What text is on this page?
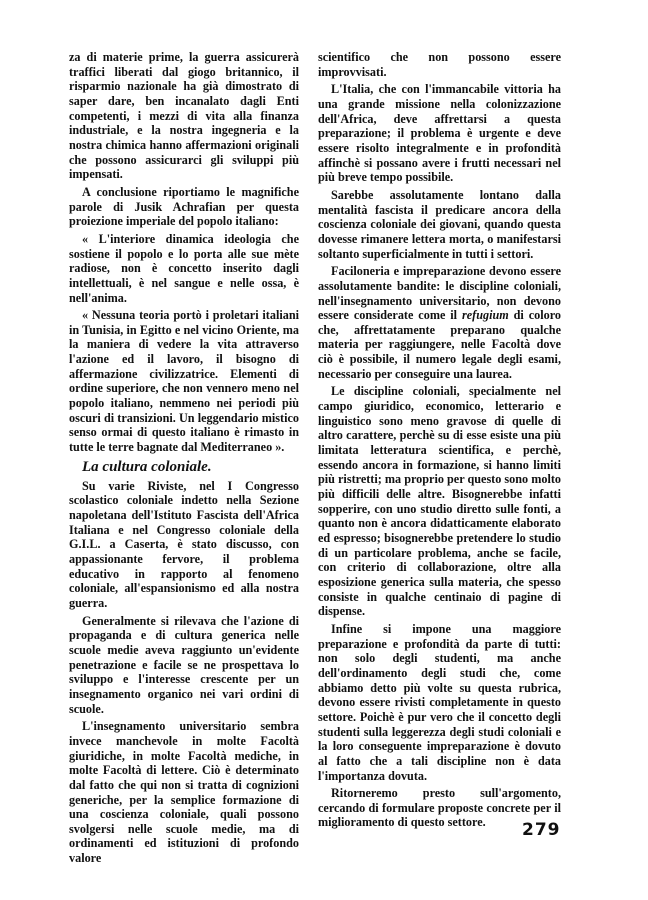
za di materie prime, la guerra assicurerà traffici liberati dal giogo britannico, il risparmio nazionale ha già dimostrato di saper dare, ben incanalato dagli Enti competenti, i mezzi di vita alla finanza industriale, e la nostra ingegneria e la nostra chimica hanno affermazioni originali che possono assicurarci gli sviluppi più impensati.

A conclusione riportiamo le magnifiche parole di Jusik Achrafian per questa proiezione imperiale del popolo italiano:

« L'interiore dinamica ideologia che sostiene il popolo e lo porta alle sue mète radiose, non è concetto inserito dagli intellettuali, è nel sangue e nelle ossa, è nell'anima.

« Nessuna teoria portò i proletari italiani in Tunisia, in Egitto e nel vicino Oriente, ma la maniera di vedere la vita attraverso l'azione ed il lavoro, il bisogno di affermazione civilizzatrice. Elementi di ordine superiore, che non vennero meno nel popolo italiano, nemmeno nei periodi più oscuri di transizioni. Un leggendario mistico senso ormai di questo italiano è rimasto in tutte le terre bagnate dal Mediterraneo ».

La cultura coloniale.

Su varie Riviste, nel I Congresso scolastico coloniale indetto nella Sezione napoletana dell'Istituto Fascista dell'Africa Italiana e nel Congresso coloniale della G.I.L. a Caserta, è stato discusso, con appassionante fervore, il problema educativo in rapporto al fenomeno coloniale, all'espansionismo ed alla nostra guerra.

Generalmente si rilevava che l'azione di propaganda e di cultura generica nelle scuole medie aveva raggiunto un'evidente penetrazione e facile se ne prospettava lo sviluppo e l'interesse crescente per un insegnamento organico nei vari ordini di scuole.

L'insegnamento universitario sembra invece manchevole in molte Facoltà giuridiche, in molte Facoltà mediche, in molte Facoltà di lettere. Ciò è determinato dal fatto che qui non si tratta di cognizioni generiche, per la semplice formazione di una coscienza coloniale, quali possono svolgersi nelle scuole medie, ma di ordinamenti ed istituzioni di profondo valore

scientifico che non possono essere improvvisati.

L'Italia, che con l'immancabile vittoria ha una grande missione nella colonizzazione dell'Africa, deve affrettarsi a questa preparazione; il problema è urgente e deve essere risolto integralmente e in profondità affinchè si possano avere i frutti necessari nel più breve tempo possibile.

Sarebbe assolutamente lontano dalla mentalità fascista il predicare ancora della coscienza coloniale dei giovani, quando questa dovesse rimanere lettera morta, o manifestarsi soltanto superficialmente in tutti i settori.

Faciloneria e impreparazione devono essere assolutamente bandite: le discipline coloniali, nell'insegnamento universitario, non devono essere considerate come il refugium di coloro che, affrettatamente preparano qualche materia per raggiungere, nelle Facoltà dove ciò è possibile, il numero legale degli esami, necessario per conseguire una laurea.

Le discipline coloniali, specialmente nel campo giuridico, economico, letterario e linguistico sono meno gravose di quelle di altro carattere, perchè su di esse esiste una più limitata letteratura scientifica, e perchè, essendo ancora in formazione, si hanno limiti più ristretti; ma proprio per questo sono molto più difficili delle altre. Bisognerebbe infatti sopperire, con uno studio diretto sulle fonti, a quanto non è ancora didatticamente elaborato ed espresso; bisognerebbe pretendere lo studio di un particolare problema, anche se facile, con criterio di collaborazione, oltre alla esposizione generica sulla materia, che spesso consiste in qualche centinaio di pagine di dispense.

Infine si impone una maggiore preparazione e profondità da parte di tutti: non solo degli studenti, ma anche dell'ordinamento degli studi che, come abbiamo detto più volte su questa rubrica, devono essere rivisti completamente in questo settore. Poichè è pur vero che il concetto degli studenti sulla leggerezza degli studi coloniali e la loro conseguente impreparazione è dovuto al fatto che a tali discipline non è data l'importanza dovuta.

Ritorneremo presto sull'argomento, cercando di formulare proposte concrete per il miglioramento di questo settore.	279
